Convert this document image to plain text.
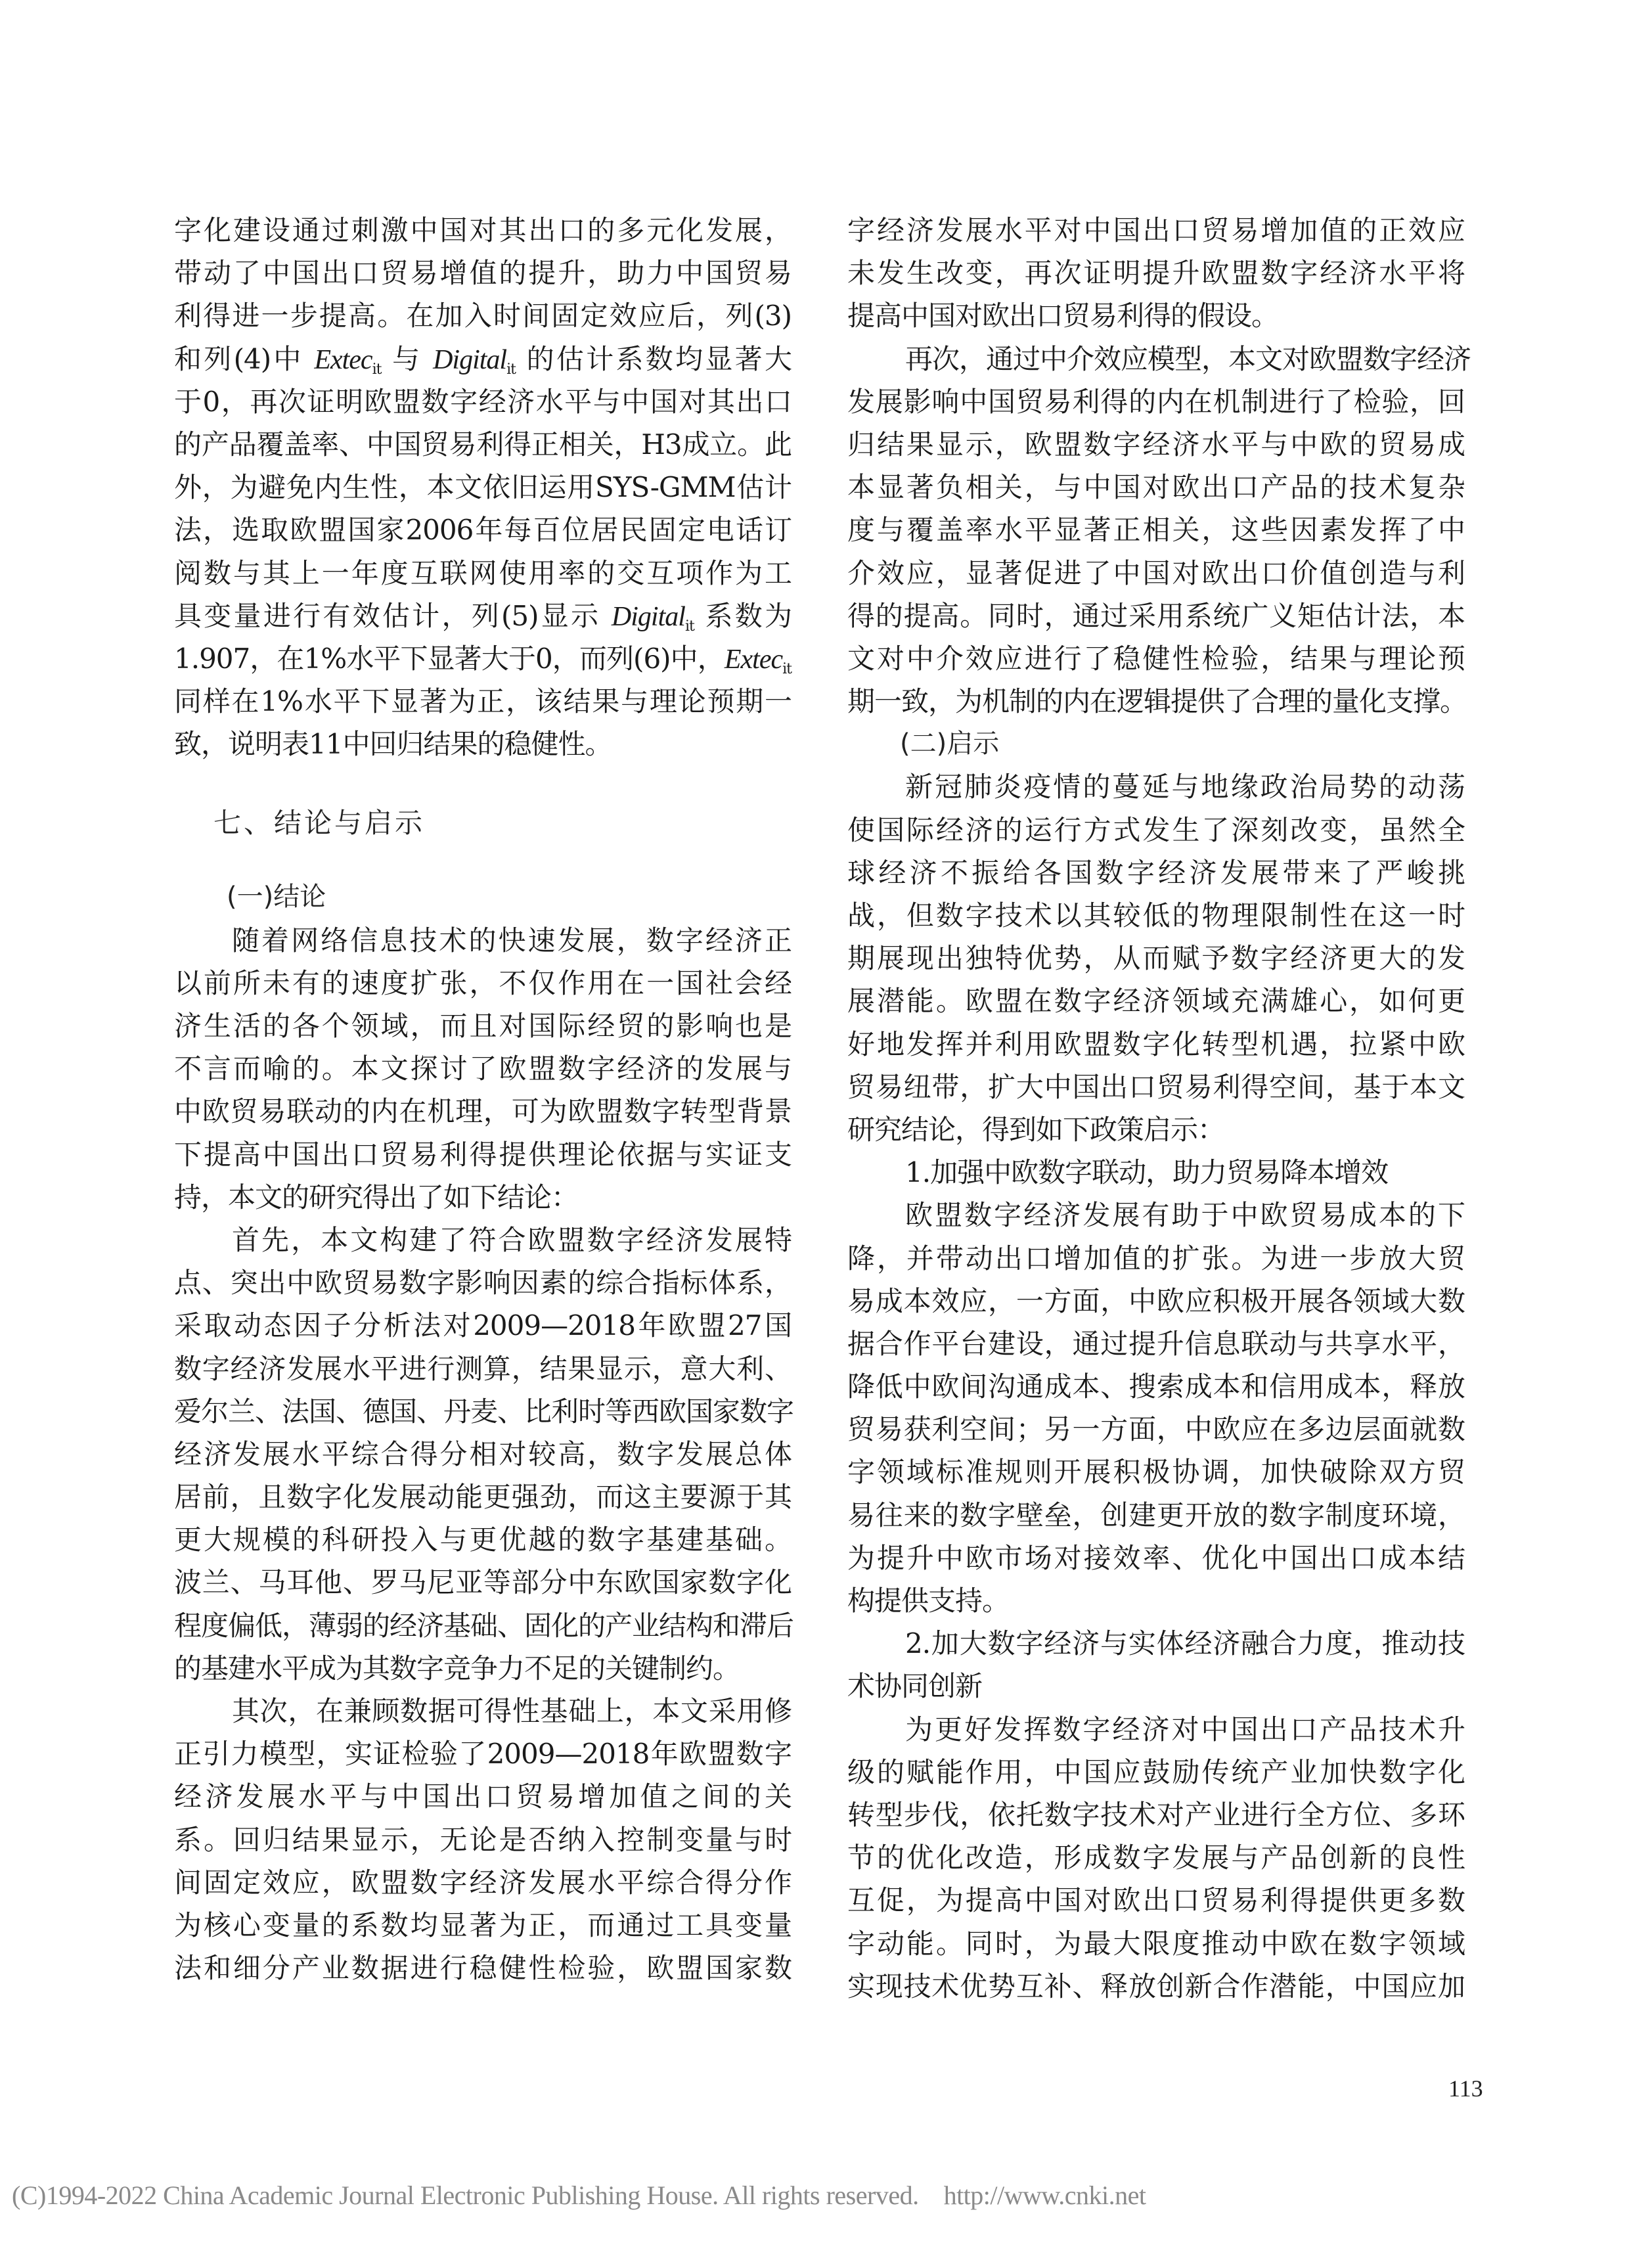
字化建设通过刺激中国对其出口的多元化发展，
带动了中国出口贸易增值的提升，助力中国贸易
利得进一步提高。在加入时间固定效应后，列(3)
和列(4)中 Extec$_{it}$ 与 Digital$_{it}$ 的估计系数均显著大
于0，再次证明欧盟数字经济水平与中国对其出口
的产品覆盖率、中国贸易利得正相关，H3成立。此
外，为避免内生性，本文依旧运用SYS-GMM估计
法，选取欧盟国家2006年每百位居民固定电话订
阅数与其上一年度互联网使用率的交互项作为工
具变量进行有效估计，列(5)显示 Digital$_{it}$ 系数为
1.907，在1%水平下显著大于0，而列(6)中，Extec$_{it}$
同样在1%水平下显著为正，该结果与理论预期一
致，说明表11中回归结果的稳健性。
七、结论与启示
(一)结论
随着网络信息技术的快速发展，数字经济正
以前所未有的速度扩张，不仅作用在一国社会经
济生活的各个领域，而且对国际经贸的影响也是
不言而喻的。本文探讨了欧盟数字经济的发展与
中欧贸易联动的内在机理，可为欧盟数字转型背景
下提高中国出口贸易利得提供理论依据与实证支
持，本文的研究得出了如下结论：
首先，本文构建了符合欧盟数字经济发展特
点、突出中欧贸易数字影响因素的综合指标体系，
采取动态因子分析法对2009—2018年欧盟27国
数字经济发展水平进行测算，结果显示，意大利、
爱尔兰、法国、德国、丹麦、比利时等西欧国家数字
经济发展水平综合得分相对较高，数字发展总体
居前，且数字化发展动能更强劲，而这主要源于其
更大规模的科研投入与更优越的数字基建基础。
波兰、马耳他、罗马尼亚等部分中东欧国家数字化
程度偏低，薄弱的经济基础、固化的产业结构和滞后
的基建水平成为其数字竞争力不足的关键制约。
其次，在兼顾数据可得性基础上，本文采用修
正引力模型，实证检验了2009—2018年欧盟数字
经济发展水平与中国出口贸易增加值之间的关
系。回归结果显示，无论是否纳入控制变量与时
间固定效应，欧盟数字经济发展水平综合得分作
为核心变量的系数均显著为正，而通过工具变量
法和细分产业数据进行稳健性检验，欧盟国家数
字经济发展水平对中国出口贸易增加值的正效应
未发生改变，再次证明提升欧盟数字经济水平将
提高中国对欧出口贸易利得的假设。
再次，通过中介效应模型，本文对欧盟数字经济
发展影响中国贸易利得的内在机制进行了检验，回
归结果显示，欧盟数字经济水平与中欧的贸易成
本显著负相关，与中国对欧出口产品的技术复杂
度与覆盖率水平显著正相关，这些因素发挥了中
介效应，显著促进了中国对欧出口价值创造与利
得的提高。同时，通过采用系统广义矩估计法，本
文对中介效应进行了稳健性检验，结果与理论预
期一致，为机制的内在逻辑提供了合理的量化支撑。
(二)启示
新冠肺炎疫情的蔓延与地缘政治局势的动荡
使国际经济的运行方式发生了深刻改变，虽然全
球经济不振给各国数字经济发展带来了严峻挑
战，但数字技术以其较低的物理限制性在这一时
期展现出独特优势，从而赋予数字经济更大的发
展潜能。欧盟在数字经济领域充满雄心，如何更
好地发挥并利用欧盟数字化转型机遇，拉紧中欧
贸易纽带，扩大中国出口贸易利得空间，基于本文
研究结论，得到如下政策启示：
1.加强中欧数字联动，助力贸易降本增效
欧盟数字经济发展有助于中欧贸易成本的下
降，并带动出口增加值的扩张。为进一步放大贸
易成本效应，一方面，中欧应积极开展各领域大数
据合作平台建设，通过提升信息联动与共享水平，
降低中欧间沟通成本、搜索成本和信用成本，释放
贸易获利空间；另一方面，中欧应在多边层面就数
字领域标准规则开展积极协调，加快破除双方贸
易往来的数字壁垒，创建更开放的数字制度环境，
为提升中欧市场对接效率、优化中国出口成本结
构提供支持。
2.加大数字经济与实体经济融合力度，推动技
术协同创新
为更好发挥数字经济对中国出口产品技术升
级的赋能作用，中国应鼓励传统产业加快数字化
转型步伐，依托数字技术对产业进行全方位、多环
节的优化改造，形成数字发展与产品创新的良性
互促，为提高中国对欧出口贸易利得提供更多数
字动能。同时，为最大限度推动中欧在数字领域
实现技术优势互补、释放创新合作潜能，中国应加
113
(C)1994-2022 China Academic Journal Electronic Publishing House. All rights reserved.    http://www.cnki.net
